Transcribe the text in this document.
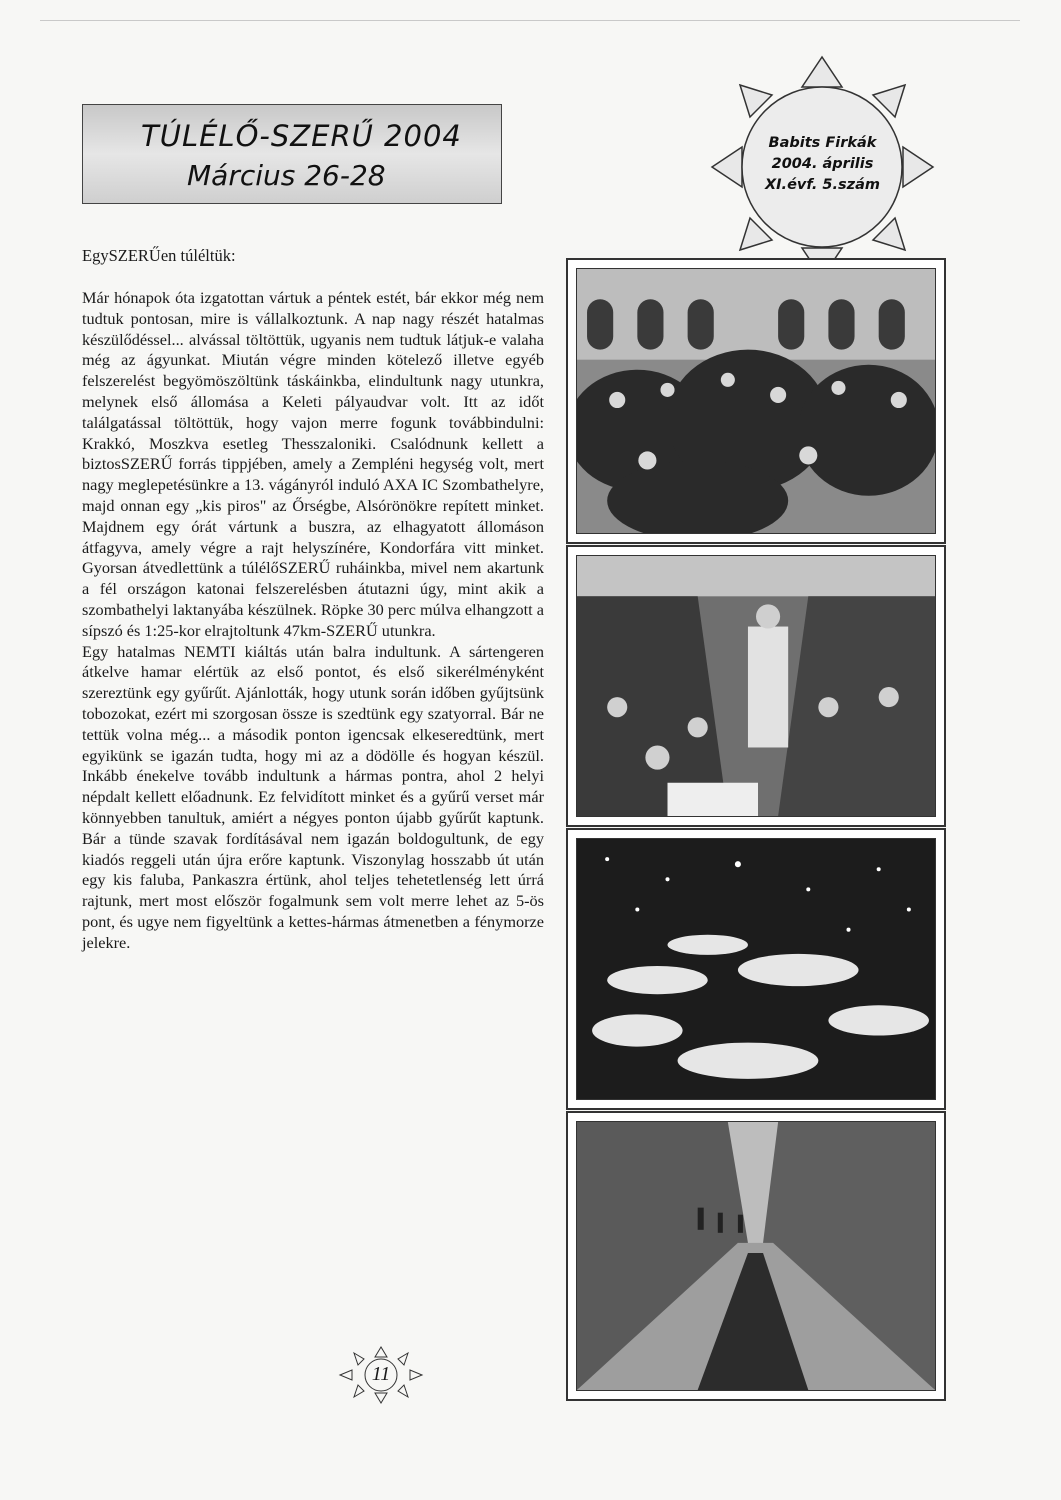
TÚLÉLŐ-SZERŰ 2004
Március 26-28
Babits Firkák
2004. április
XI.évf. 5.szám
EgySZERŰen túléltük:

Már hónapok óta izgatottan vártuk a péntek estét, bár ekkor még nem tudtuk pontosan, mire is vállalkoztunk. A nap nagy részét hatalmas készülődéssel... alvással töltöttük, ugyanis nem tudtuk látjuk-e valaha még az ágyunkat. Miután végre minden kötelező illetve egyéb felszerelést begyömöszöltünk táskáinkba, elindultunk nagy utunkra, melynek első állomása a Keleti pályaudvar volt. Itt az időt találgatással töltöttük, hogy vajon merre fogunk továbbindulni: Krakkó, Moszkva esetleg Thesszaloniki. Csalódnunk kellett a biztosSZERŰ forrás tippjében, amely a Zempléni hegység volt, mert nagy meglepetésünkre a 13. vágányról induló AXA IC Szombathelyre, majd onnan egy „kis piros" az Őrségbe, Alsórönökre repített minket. Majdnem egy órát vártunk a buszra, az elhagyatott állomáson átfagyva, amely végre a rajt helyszínére, Kondorfára vitt minket. Gyorsan átvedlettünk a túlélőSZERŰ ruháinkba, mivel nem akartunk a fél országon katonai felszerelésben átutazni úgy, mint akik a szombathelyi laktanyába készülnek. Röpke 30 perc múlva elhangzott a sípszó és 1:25-kor elrajtoltunk 47km-SZERŰ utunkra.

Egy hatalmas NEMTI kiáltás után balra indultunk. A sártengeren átkelve hamar elértük az első pontot, és első sikerélményként szereztünk egy gyűrűt. Ajánlották, hogy utunk során időben gyűjtsünk tobozokat, ezért mi szorgosan össze is szedtünk egy szatyorral. Bár ne tettük volna még... a második ponton igencsak elkeseredtünk, mert egyikünk se igazán tudta, hogy mi az a dödölle és hogyan készül. Inkább énekelve tovább indultunk a hármas pontra, ahol 2 helyi népdalt kellett előadnunk. Ez felvidított minket és a gyűrű verset már könnyebben tanultuk, amiért a négyes ponton újabb gyűrűt kaptunk. Bár a tünde szavak fordításával nem igazán boldogultunk, de egy kiadós reggeli után újra erőre kaptunk. Viszonylag hosszabb út után egy kis faluba, Pankaszra értünk, ahol teljes tehetetlenség lett úrrá rajtunk, mert most először fogalmunk sem volt merre lehet az 5-ös pont, és ugye nem figyeltünk a kettes-hármas átmenetben a fénymorze jelekre.

11
